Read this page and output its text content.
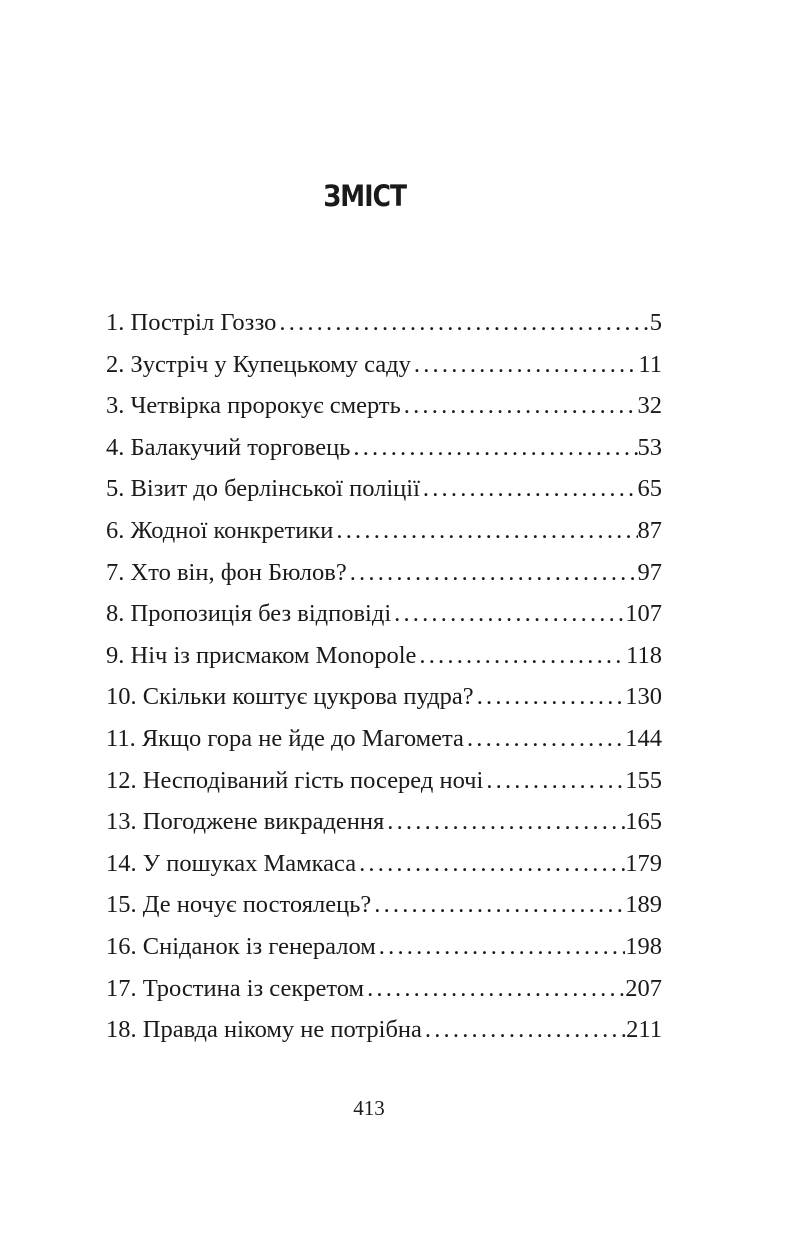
ЗМІСТ
1. Постріл Гоззо .....	5
2. Зустріч у Купецькому саду .....	11
3. Четвірка пророкує смерть .....	32
4. Балакучий торговець .....	53
5. Візит до берлінської поліції .....	65
6. Жодної конкретики .....	87
7. Хто він, фон Бюлов? .....	97
8. Пропозиція без відповіді .....	107
9. Ніч із присмаком Monopole .....	118
10. Скільки коштує цукрова пудра? .....	130
11. Якщо гора не йде до Магомета .....	144
12. Несподіваний гість посеред ночі .....	155
13. Погоджене викрадення .....	165
14. У пошуках Мамкаса .....	179
15. Де ночує постоялець? .....	189
16. Сніданок із генералом .....	198
17. Тростина із секретом .....	207
18. Правда нікому не потрібна .....	211
413
